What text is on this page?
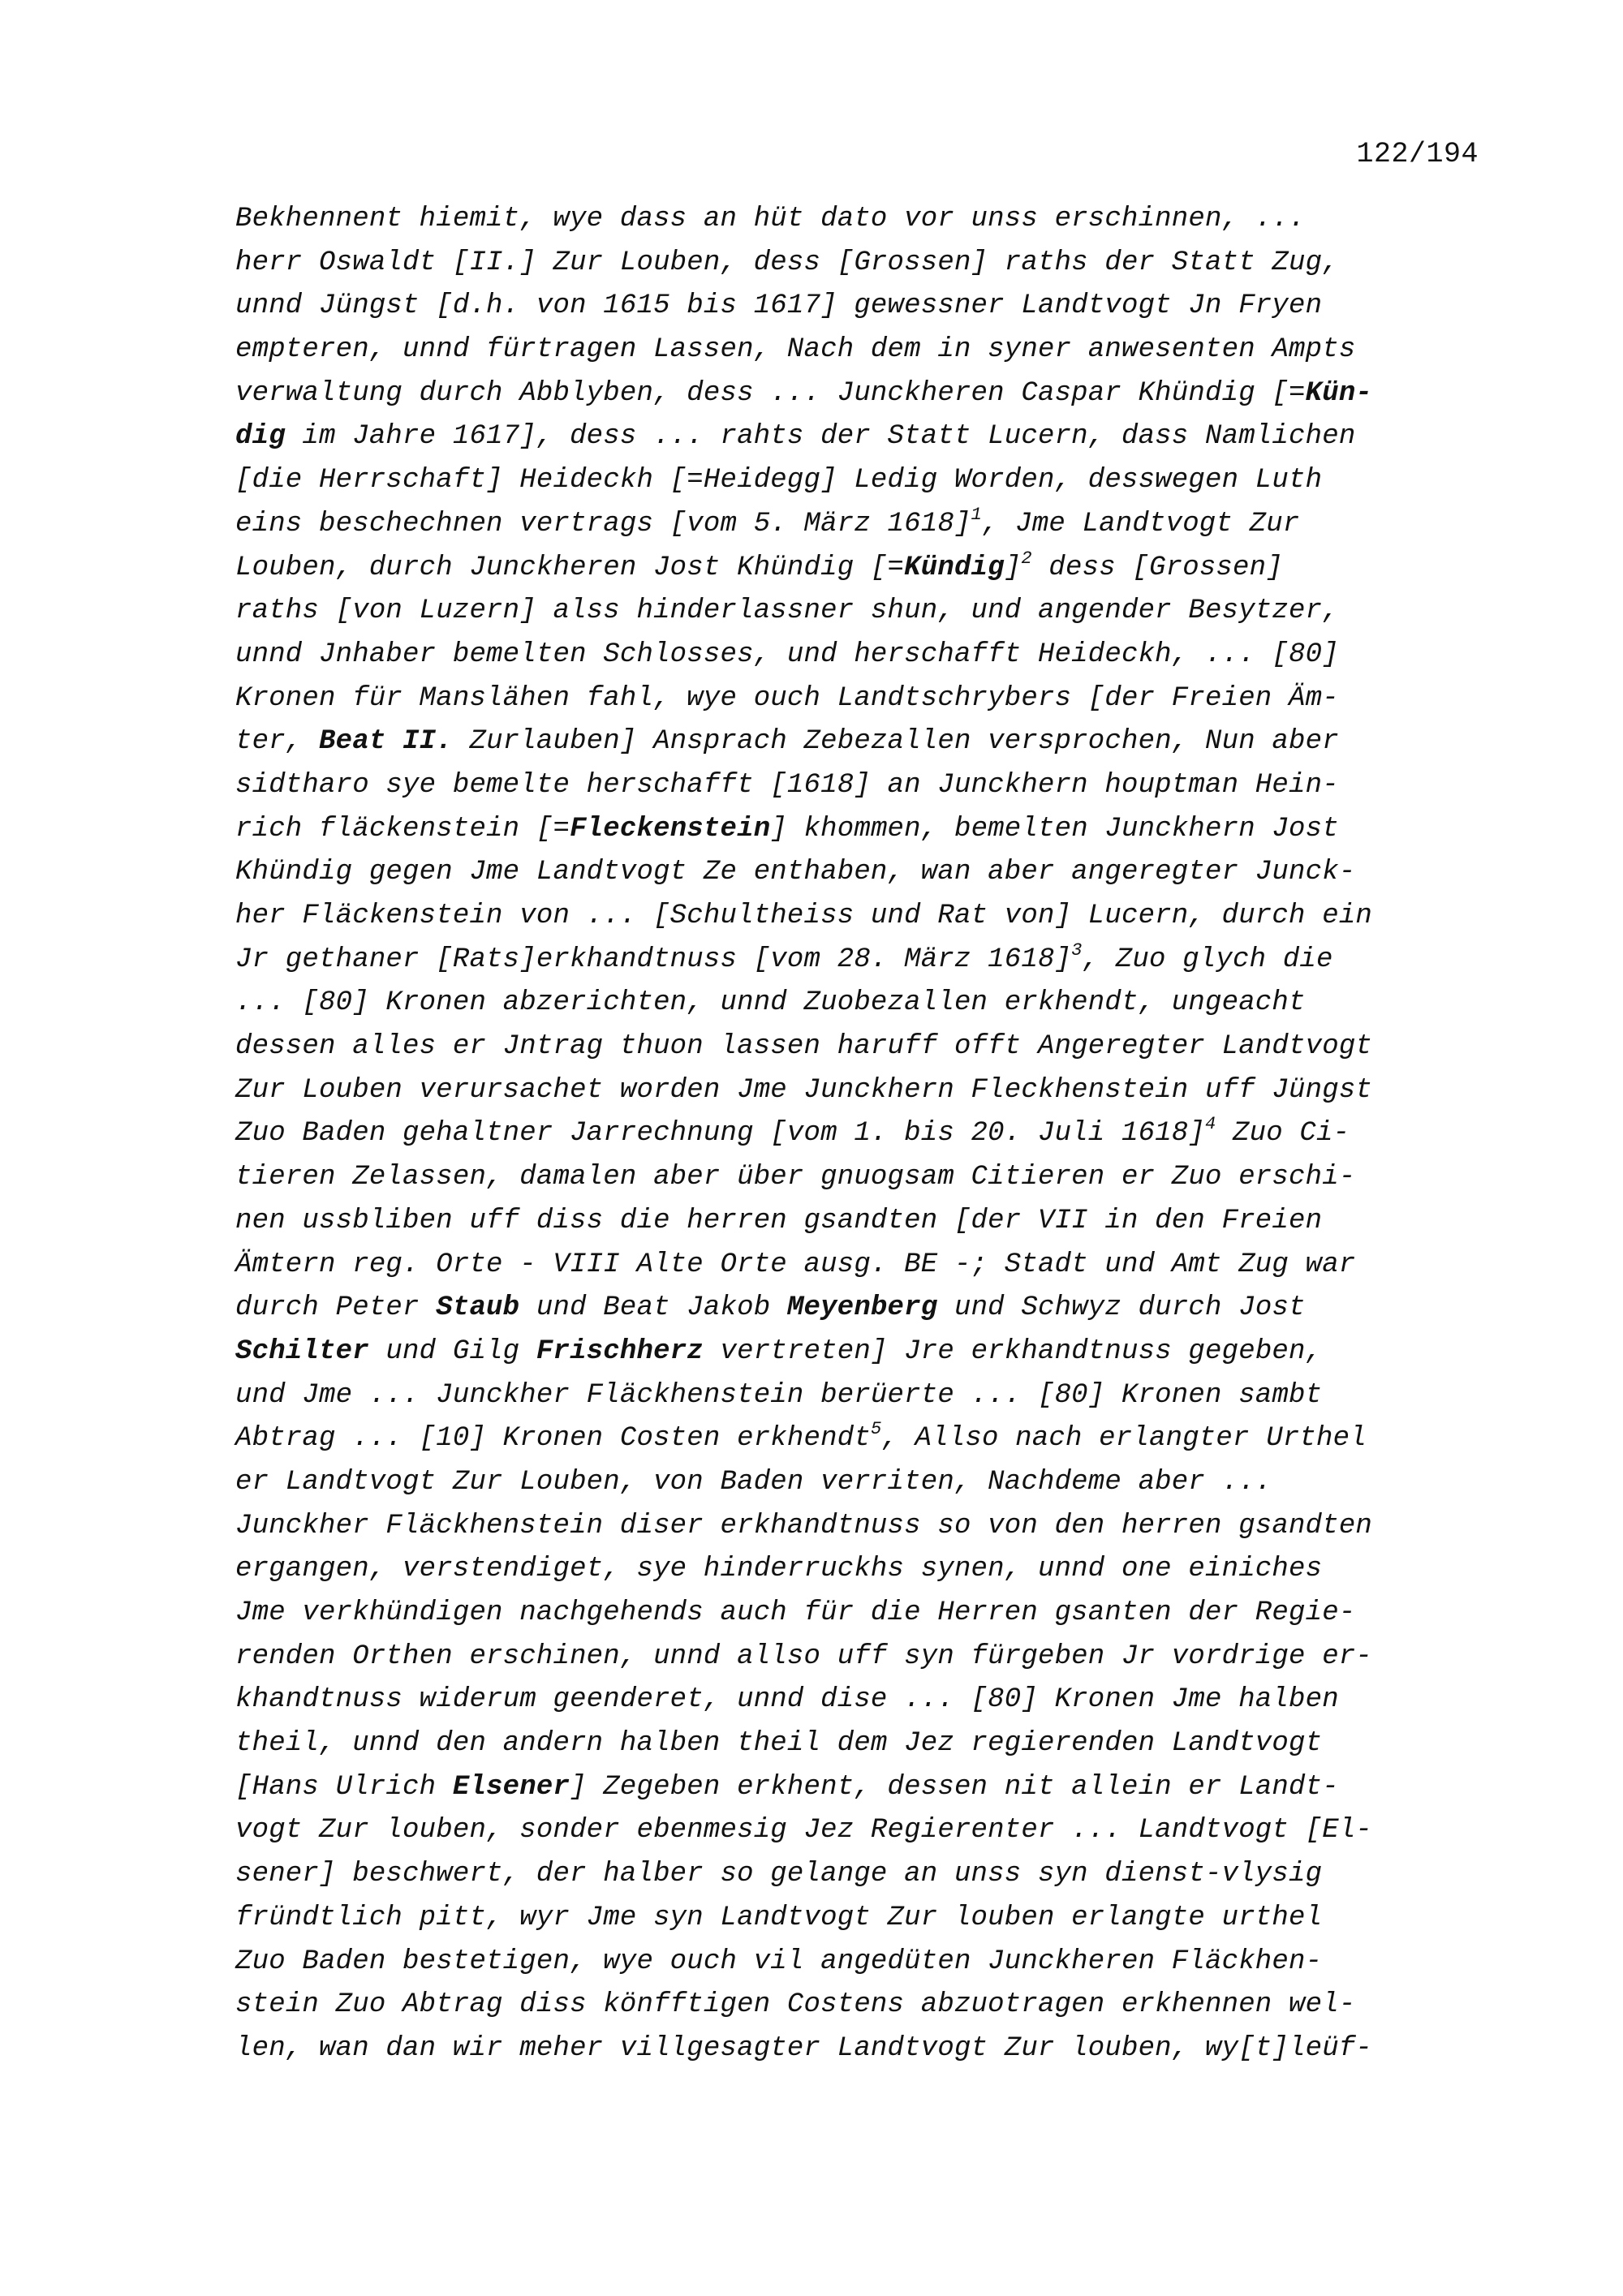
122/194
Bekhennent hiemit, wye dass an hüt dato vor unss erschinnen, ...
herr Oswaldt [II.] Zur Louben, dess [Grossen] raths der Statt Zug,
unnd Jüngst [d.h. von 1615 bis 1617] gewessner Landtvogt Jn Fryen
empteren, unnd fürtragen Lassen, Nach dem in syner anwesenten Ampts
verwaltung durch Abblyben, dess ... Junckheren Caspar Khündig [=Kün-
dig im Jahre 1617], dess ... rahts der Statt Lucern, dass Namlichen
[die Herrschaft] Heideckh [=Heidegg] Ledig Worden, desswegen Luth
eins beschechnen vertrags [vom 5. März 1618]$^1$, Jme Landtvogt Zur
Louben, durch Junckheren Jost Khündig [=Kündig]$^2$ dess [Grossen]
raths [von Luzern] alss hinderlassner shun, und angender Besytzer,
unnd Jnhaber bemelten Schlosses, und herschafft Heideckh, ... [80]
Kronen für Manslähen fahl, wye ouch Landtschrybers [der Freien Äm-
ter, Beat II. Zurlauben] Ansprach Zebezallen versprochen, Nun aber
sidtharo sye bemelte herschafft [1618] an Junckhern houptman Hein-
rich fläckenstein [=Fleckenstein] khommen, bemelten Junckhern Jost
Khündig gegen Jme Landtvogt Ze enthaben, wan aber angeregter Junck-
her Fläckenstein von ... [Schultheiss und Rat von] Lucern, durch ein
Jr gethaner [Rats]erkhandtnuss [vom 28. März 1618]$^3$, Zuo glych die
... [80] Kronen abzerichten, unnd Zuobezallen erkhendt, ungeacht
dessen alles er Jntrag thuon lassen haruff offt Angeregter Landtvogt
Zur Louben verursachet worden Jme Junckhern Fleckhenstein uff Jüngst
Zuo Baden gehaltner Jarrechnung [vom 1. bis 20. Juli 1618]$^4$ Zuo Ci-
tieren Zelassen, damalen aber über gnuogsam Citieren er Zuo erschi-
nen ussbliben uff diss die herren gsandten [der VII in den Freien
Ämtern reg. Orte - VIII Alte Orte ausg. BE -; Stadt und Amt Zug war
durch Peter Staub und Beat Jakob Meyenberg und Schwyz durch Jost
Schilter und Gilg Frischherz vertreten] Jre erkhandtnuss gegeben,
und Jme ... Junckher Fläckhenstein berüerte ... [80] Kronen sambt
Abtrag ... [10] Kronen Costen erkhendt$^5$, Allso nach erlangter Urthel
er Landtvogt Zur Louben, von Baden verriten, Nachdeme aber ...
Junckher Fläckhenstein diser erkhandtnuss so von den herren gsandten
ergangen, verstendiget, sye hinderruckhs synen, unnd one einiches
Jme verkhündigen nachgehends auch für die Herren gsanten der Regie-
renden Orthen erschinen, unnd allso uff syn fürgeben Jr vordrige er-
khandtnuss widerum geenderet, unnd dise ... [80] Kronen Jme halben
theil, unnd den andern halben theil dem Jez regierenden Landtvogt
[Hans Ulrich Elsener] Zegeben erkhent, dessen nit allein er Landt-
vogt Zur louben, sonder ebenmesig Jez Regierenter ... Landtvogt [El-
sener] beschwert, der halber so gelange an unss syn dienst-vlysig
fründtlich pitt, wyr Jme syn Landtvogt Zur louben erlangte urthel
Zuo Baden bestetigen, wye ouch vil angedüten Junckheren Fläckhen-
stein Zuo Abtrag diss könfftigen Costens abzuotragen erkhennen wel-
len, wan dan wir meher villgesagter Landtvogt Zur louben, wy[t]leüf-
